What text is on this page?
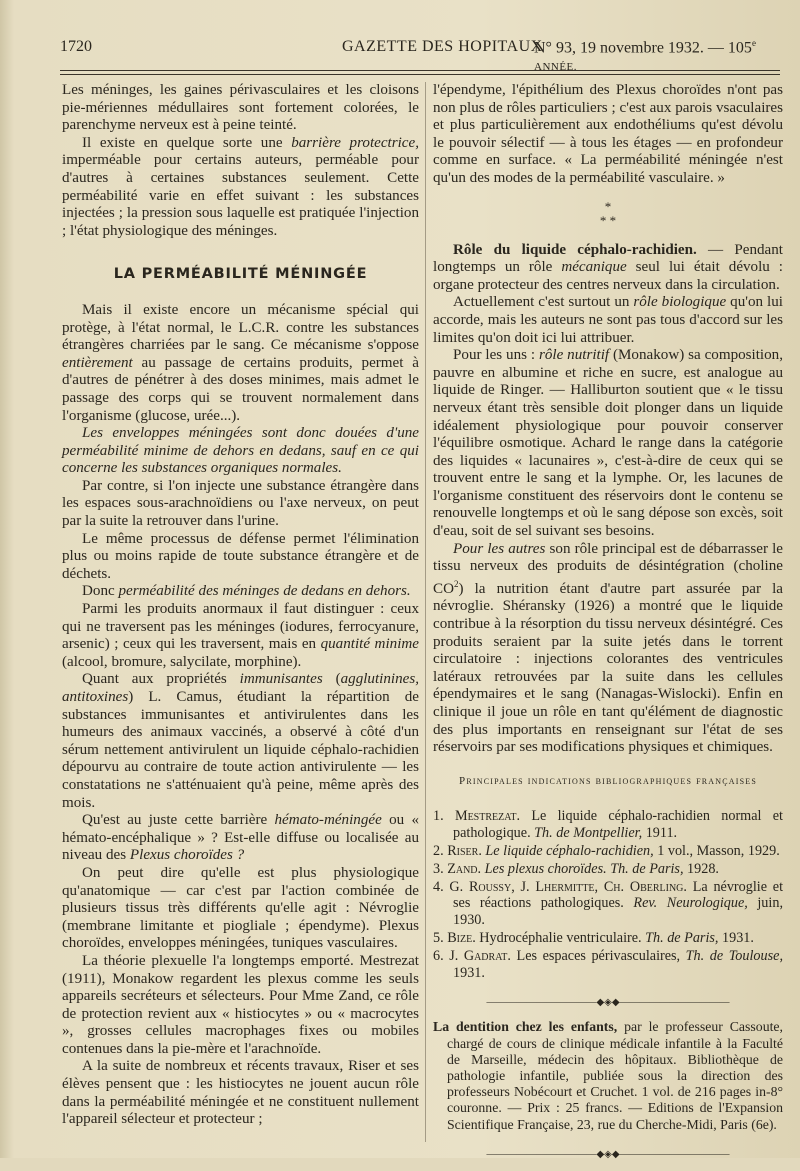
1720	GAZETTE DES HOPITAUX
N° 93, 19 novembre 1932. — 105e ANNÉE.

Les méninges, les gaines périvasculaires et les cloisons pie-mériennes médullaires sont fortement colorées, le parenchyme nerveux est à peine teinté.

Il existe en quelque sorte une barrière protectrice, imperméable pour certains auteurs, perméable pour d'autres à certaines substances seulement. Cette perméabilité varie en effet suivant : les substances injectées ; la pression sous laquelle est pratiquée l'injection ; l'état physiologique des méninges.

LA PERMÉABILITÉ MÉNINGÉE

Mais il existe encore un mécanisme spécial qui protège, à l'état normal, le L.C.R. contre les substances étrangères charriées par le sang. Ce mécanisme s'oppose entièrement au passage de certains produits, permet à d'autres de pénétrer à des doses minimes, mais admet le passage des corps qui se trouvent normalement dans l'organisme (glucose, urée...).

Les enveloppes méningées sont donc douées d'une perméabilité minime de dehors en dedans, sauf en ce qui concerne les substances organiques normales.

Par contre, si l'on injecte une substance étrangère dans les espaces sous-arachnoïdiens ou l'axe nerveux, on peut par la suite la retrouver dans l'urine.

Le même processus de défense permet l'élimination plus ou moins rapide de toute substance étrangère et de déchets.

Donc perméabilité des méninges de dedans en dehors.

Parmi les produits anormaux il faut distinguer : ceux qui ne traversent pas les méninges (iodures, ferrocyanure, arsenic) ; ceux qui les traversent, mais en quantité minime (alcool, bromure, salycilate, morphine).

Quant aux propriétés immunisantes (agglutinines, antitoxines) L. Camus, étudiant la répartition de substances immunisantes et antivirulentes dans les humeurs des animaux vaccinés, a observé à côté d'un sérum nettement antivirulent un liquide céphalo-rachidien dépourvu au contraire de toute action antivirulente — les constatations ne s'atténuaient qu'à peine, même après des mois.

Qu'est au juste cette barrière hémato-méningée ou « hémato-encéphalique » ? Est-elle diffuse ou localisée au niveau des Plexus choroïdes ?

On peut dire qu'elle est plus physiologique qu'anatomique — car c'est par l'action combinée de plusieurs tissus très différents qu'elle agit : Névroglie (membrane limitante et piogliale ; épendyme). Plexus choroïdes, enveloppes méningées, tuniques vasculaires.

La théorie plexuelle l'a longtemps emporté. Mestrezat (1911), Monakow regardent les plexus comme les seuls appareils secréteurs et sélecteurs. Pour Mme Zand, ce rôle de protection revient aux « histiocytes » ou « macrocytes », grosses cellules macrophages fixes ou mobiles contenues dans la pie-mère et l'arachnoïde.

A la suite de nombreux et récents travaux, Riser et ses élèves pensent que : les histiocytes ne jouent aucun rôle dans la perméabilité méningée et ne constituent nullement l'appareil sélecteur et protecteur ;

l'épendyme, l'épithélium des Plexus choroïdes n'ont pas non plus de rôles particuliers ; c'est aux parois vsaculaires et plus particulièrement aux endothéliums qu'est dévolu le pouvoir sélectif — à tous les étages — en profondeur comme en surface. « La perméabilité méningée n'est qu'un des modes de la perméabilité vasculaire. »

*
* *

Rôle du liquide céphalo-rachidien. — Pendant longtemps un rôle mécanique seul lui était dévolu : organe protecteur des centres nerveux dans la circulation.

Actuellement c'est surtout un rôle biologique qu'on lui accorde, mais les auteurs ne sont pas tous d'accord sur les limites qu'on doit ici lui attribuer.

Pour les uns : rôle nutritif (Monakow) sa composition, pauvre en albumine et riche en sucre, est analogue au liquide de Ringer. — Halliburton soutient que « le tissu nerveux étant très sensible doit plonger dans un liquide idéalement physiologique pour pouvoir conserver l'équilibre osmotique. Achard le range dans la catégorie des liquides « lacunaires », c'est-à-dire de ceux qui se trouvent entre le sang et la lymphe. Or, les lacunes de l'organisme constituent des réservoirs dont le contenu se renouvelle longtemps et où le sang dépose son excès, soit d'eau, soit de sel suivant ses besoins.

Pour les autres son rôle principal est de débarrasser le tissu nerveux des produits de désintégration (choline $CO^2$) la nutrition étant d'autre part assurée par la névroglie. Shéransky (1926) a montré que le liquide contribue à la résorption du tissu nerveux désintégré. Ces produits seraient par la suite jetés dans le torrent circulatoire : injections colorantes des ventricules latéraux retrouvées par la suite dans les cellules épendymaires et le sang (Nanagas-Wislocki). Enfin en clinique il joue un rôle en tant qu'élément de diagnostic des plus importants en renseignant sur l'état de ses réservoirs par ses modifications physiques et chimiques.

Principales indications bibliographiques françaises
1. Mestrezat. Le liquide céphalo-rachidien normal et pathologique. Th. de Montpellier, 1911.
2. Riser. Le liquide céphalo-rachidien, 1 vol., Masson, 1929.
3. Zand. Les plexus choroïdes. Th. de Paris, 1928.
4. G. Roussy, J. Lhermitte, Ch. Oberling. La névroglie et ses réactions pathologiques. Rev. Neurologique, juin, 1930.
5. Bize. Hydrocéphalie ventriculaire. Th. de Paris, 1931.
6. J. Gadrat. Les espaces périvasculaires, Th. de Toulouse, 1931.
———————————◆◈◆———————————

La dentition chez les enfants, par le professeur Cassoute, chargé de cours de clinique médicale infantile à la Faculté de Marseille, médecin des hôpitaux. Bibliothèque de pathologie infantile, publiée sous la direction des professeurs Nobécourt et Cruchet. 1 vol. de 216 pages in-8° couronne. — Prix : 25 francs. — Editions de l'Expansion Scientifique Française, 23, rue du Cherche-Midi, Paris (6e).

———————————◆◈◆———————————
